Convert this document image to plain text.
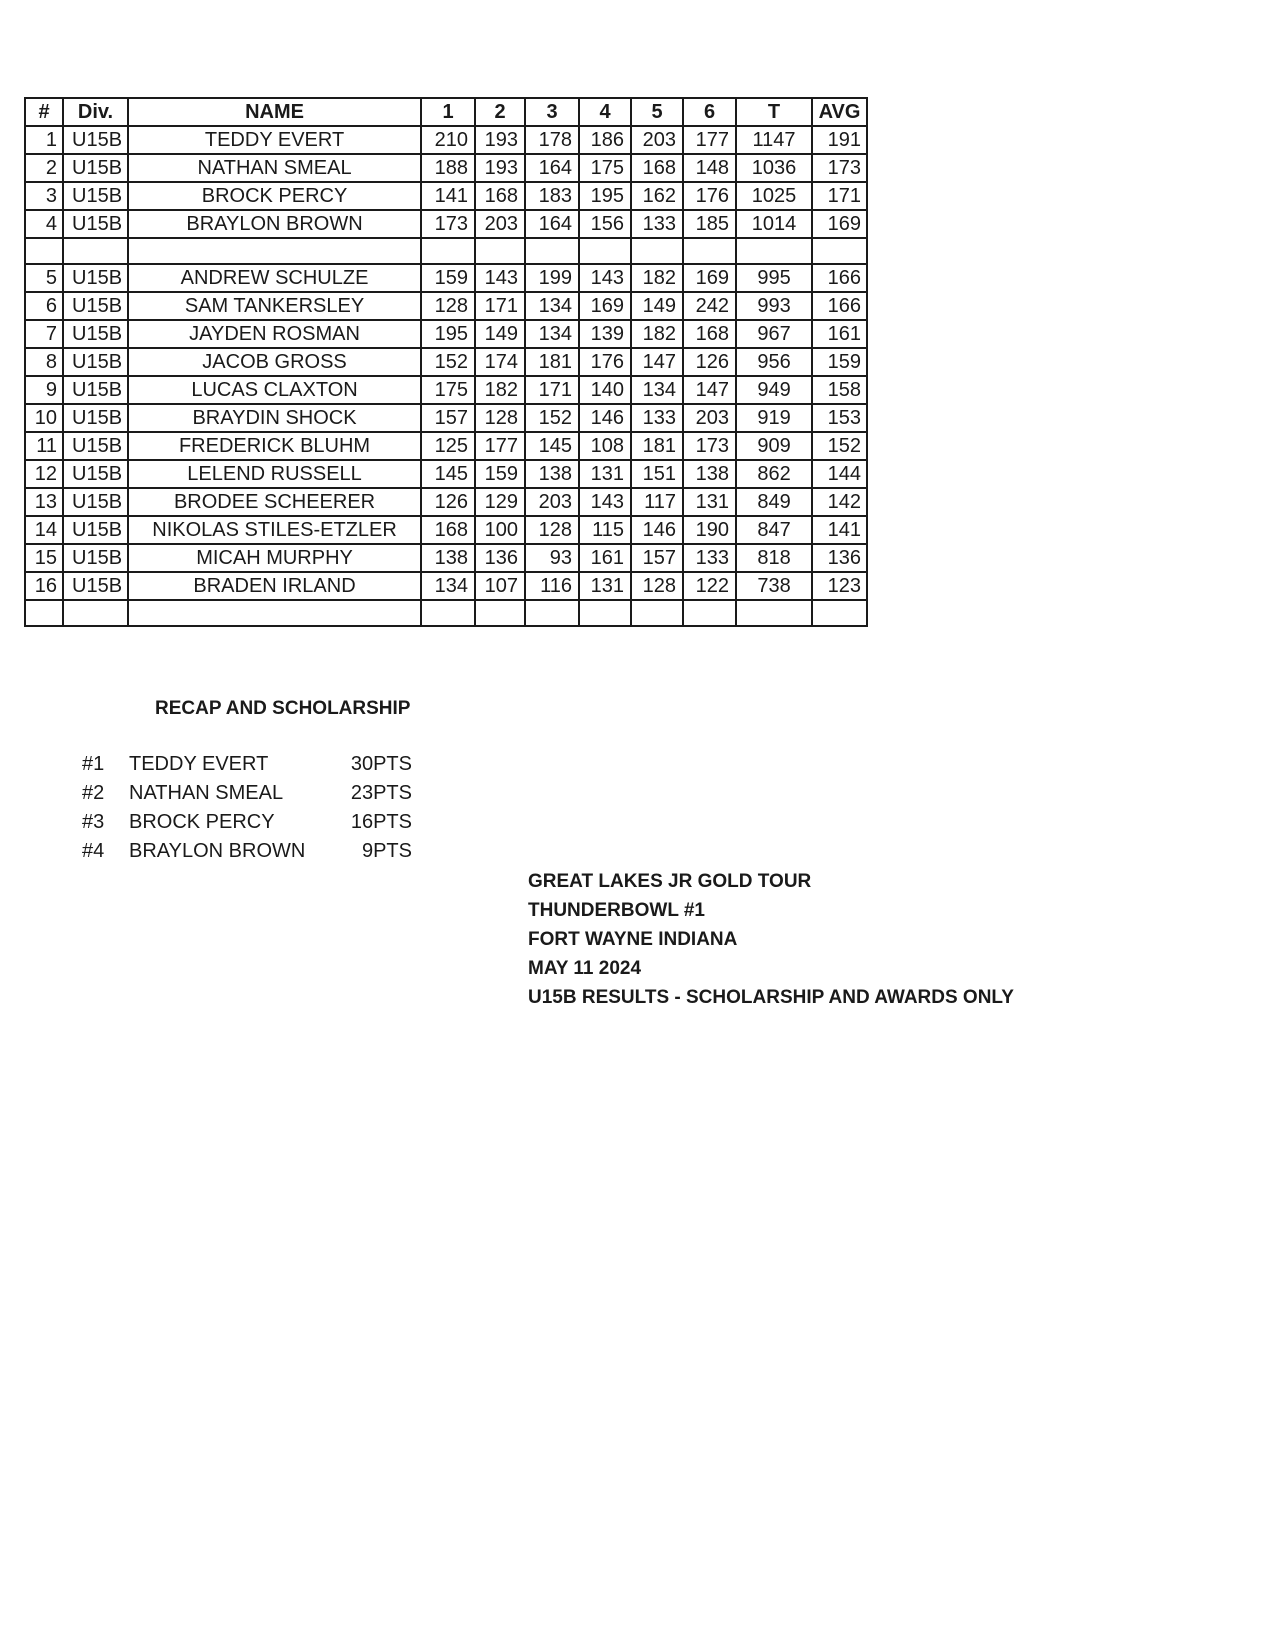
#	Div.	NAME	1	2	3	4	5	6	T	AVG
1	U15B	TEDDY EVERT	210	193	178	186	203	177	1147	191
2	U15B	NATHAN SMEAL	188	193	164	175	168	148	1036	173
3	U15B	BROCK PERCY	141	168	183	195	162	176	1025	171
4	U15B	BRAYLON BROWN	173	203	164	156	133	185	1014	169

5	U15B	ANDREW SCHULZE	159	143	199	143	182	169	995	166
6	U15B	SAM TANKERSLEY	128	171	134	169	149	242	993	166
7	U15B	JAYDEN ROSMAN	195	149	134	139	182	168	967	161
8	U15B	JACOB GROSS	152	174	181	176	147	126	956	159
9	U15B	LUCAS CLAXTON	175	182	171	140	134	147	949	158
10	U15B	BRAYDIN SHOCK	157	128	152	146	133	203	919	153
11	U15B	FREDERICK BLUHM	125	177	145	108	181	173	909	152
12	U15B	LELEND RUSSELL	145	159	138	131	151	138	862	144
13	U15B	BRODEE SCHEERER	126	129	203	143	117	131	849	142
14	U15B	NIKOLAS STILES-ETZLER	168	100	128	115	146	190	847	141
15	U15B	MICAH MURPHY	138	136	93	161	157	133	818	136
16	U15B	BRADEN IRLAND	134	107	116	131	128	122	738	123

RECAP AND SCHOLARSHIP
#1 TEDDY EVERT	30PTS
#2 NATHAN SMEAL	23PTS
#3 BROCK PERCY	16PTS
#4 BRAYLON BROWN	9PTS
GREAT LAKES JR GOLD TOUR
THUNDERBOWL #1
FORT WAYNE INDIANA
MAY 11 2024
U15B RESULTS - SCHOLARSHIP AND AWARDS ONLY
